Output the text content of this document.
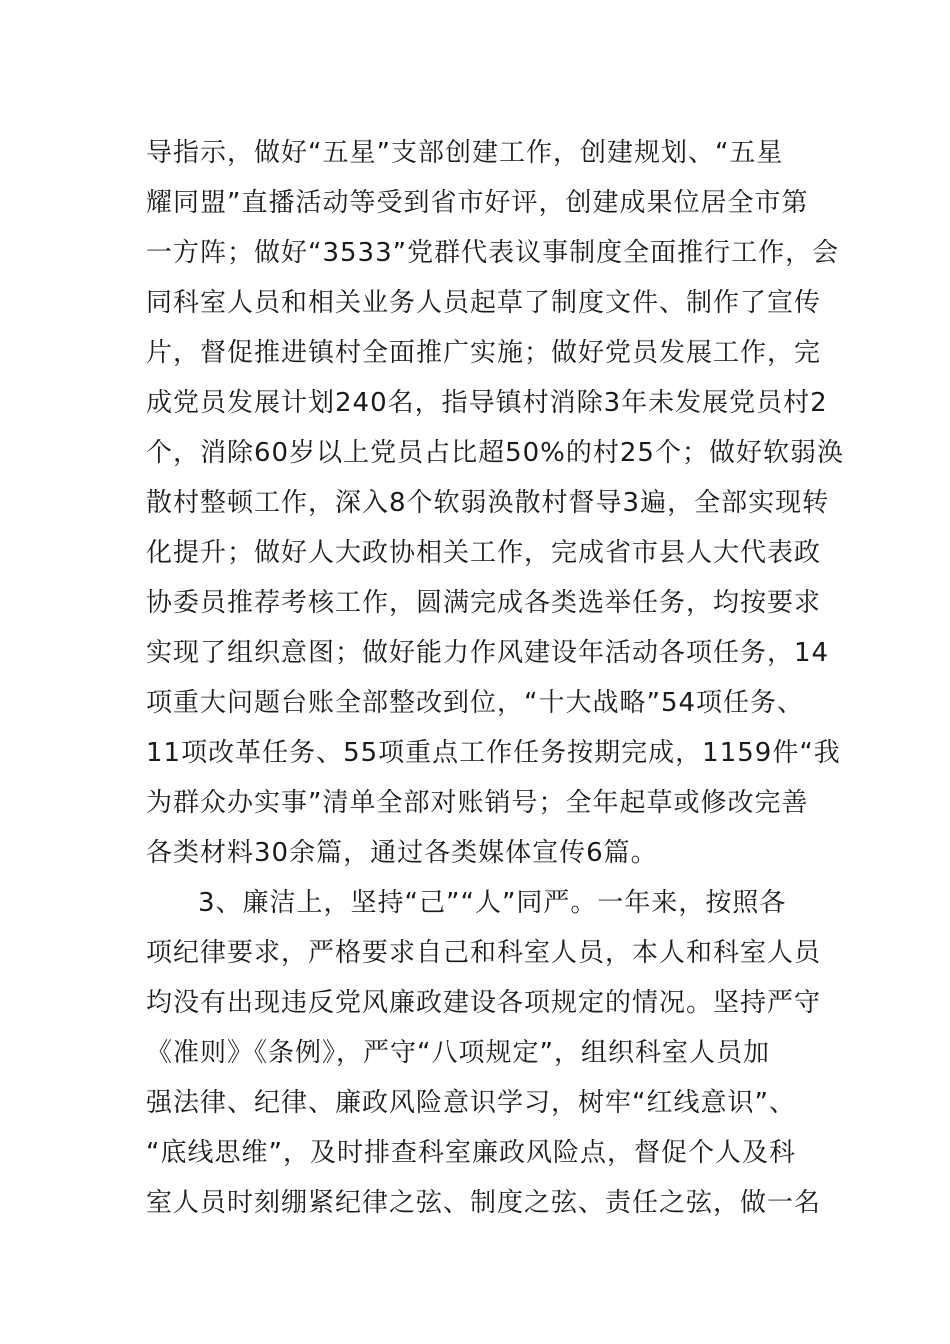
导指示，做好“五星”支部创建工作，创建规划、“五星
耀同盟”直播活动等受到省市好评，创建成果位居全市第
一方阵；做好“3533”党群代表议事制度全面推行工作，会
同科室人员和相关业务人员起草了制度文件、制作了宣传
片，督促推进镇村全面推广实施；做好党员发展工作，完
成党员发展计划240名，指导镇村消除3年未发展党员村2
个，消除60岁以上党员占比超50%的村25个；做好软弱涣
散村整顿工作，深入8个软弱涣散村督导3遍，全部实现转
化提升；做好人大政协相关工作，完成省市县人大代表政
协委员推荐考核工作，圆满完成各类选举任务，均按要求
实现了组织意图；做好能力作风建设年活动各项任务，14
项重大问题台账全部整改到位，“十大战略”54项任务、
11项改革任务、55项重点工作任务按期完成，1159件“我
为群众办实事”清单全部对账销号；全年起草或修改完善
各类材料30余篇，通过各类媒体宣传6篇。
3、廉洁上，坚持“己”“人”同严。一年来，按照各
项纪律要求，严格要求自己和科室人员，本人和科室人员
均没有出现违反党风廉政建设各项规定的情况。坚持严守
《准则》《条例》，严守“八项规定”，组织科室人员加
强法律、纪律、廉政风险意识学习，树牢“红线意识”、
“底线思维”，及时排查科室廉政风险点，督促个人及科
室人员时刻绷紧纪律之弦、制度之弦、责任之弦，做一名
